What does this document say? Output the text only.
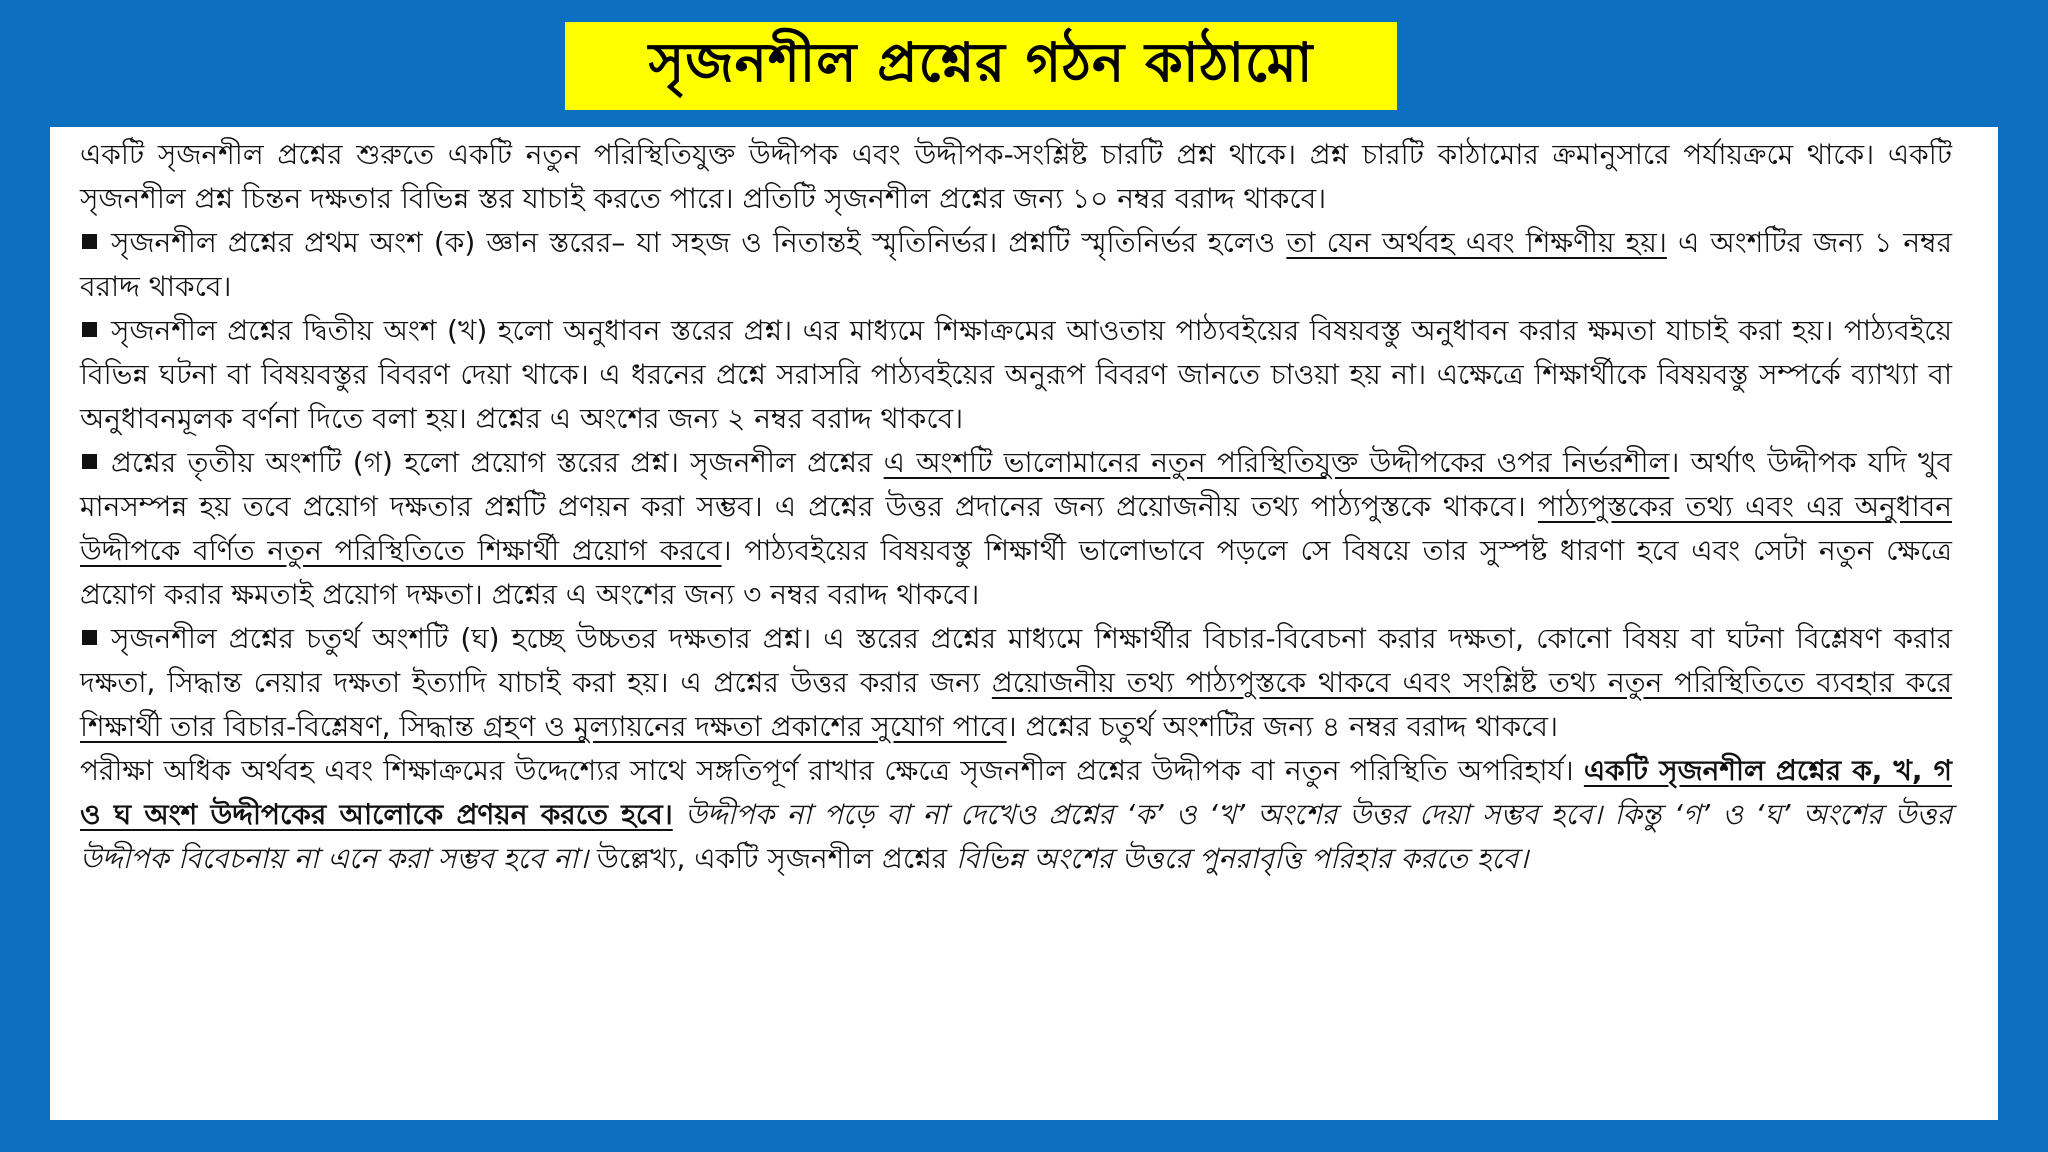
সৃজনশীল প্রশ্নের গঠন কাঠামো

একটি সৃজনশীল প্রশ্নের শুরুতে একটি নতুন পরিস্থিতিযুক্ত উদ্দীপক এবং উদ্দীপক-সংশ্লিষ্ট চারটি প্রশ্ন থাকে। প্রশ্ন চারটি কাঠামোর ক্রমানুসারে পর্যায়ক্রমে থাকে। একটি সৃজনশীল প্রশ্ন চিন্তন দক্ষতার বিভিন্ন স্তর যাচাই করতে পারে। প্রতিটি সৃজনশীল প্রশ্নের জন্য ১০ নম্বর বরাদ্দ থাকবে।

সৃজনশীল প্রশ্নের প্রথম অংশ (ক) জ্ঞান স্তরের– যা সহজ ও নিতান্তই স্মৃতিনির্ভর। প্রশ্নটি স্মৃতিনির্ভর হলেও তা যেন অর্থবহ এবং শিক্ষণীয় হয়। এ অংশটির জন্য ১ নম্বর বরাদ্দ থাকবে।

সৃজনশীল প্রশ্নের দ্বিতীয় অংশ (খ) হলো অনুধাবন স্তরের প্রশ্ন। এর মাধ্যমে শিক্ষাক্রমের আওতায় পাঠ্যবইয়ের বিষয়বস্তু অনুধাবন করার ক্ষমতা যাচাই করা হয়। পাঠ্যবইয়ে বিভিন্ন ঘটনা বা বিষয়বস্তুর বিবরণ দেয়া থাকে। এ ধরনের প্রশ্নে সরাসরি পাঠ্যবইয়ের অনুরূপ বিবরণ জানতে চাওয়া হয় না। এক্ষেত্রে শিক্ষার্থীকে বিষয়বস্তু সম্পর্কে ব্যাখ্যা বা অনুধাবনমূলক বর্ণনা দিতে বলা হয়। প্রশ্নের এ অংশের জন্য ২ নম্বর বরাদ্দ থাকবে।

প্রশ্নের তৃতীয় অংশটি (গ) হলো প্রয়োগ স্তরের প্রশ্ন। সৃজনশীল প্রশ্নের এ অংশটি ভালোমানের নতুন পরিস্থিতিযুক্ত উদ্দীপকের ওপর নির্ভরশীল। অর্থাৎ উদ্দীপক যদি খুব মানসম্পন্ন হয় তবে প্রয়োগ দক্ষতার প্রশ্নটি প্রণয়ন করা সম্ভব। এ প্রশ্নের উত্তর প্রদানের জন্য প্রয়োজনীয় তথ্য পাঠ্যপুস্তকে থাকবে। পাঠ্যপুস্তকের তথ্য এবং এর অনুধাবন উদ্দীপকে বর্ণিত নতুন পরিস্থিতিতে শিক্ষার্থী প্রয়োগ করবে। পাঠ্যবইয়ের বিষয়বস্তু শিক্ষার্থী ভালোভাবে পড়লে সে বিষয়ে তার সুস্পষ্ট ধারণা হবে এবং সেটা নতুন ক্ষেত্রে প্রয়োগ করার ক্ষমতাই প্রয়োগ দক্ষতা। প্রশ্নের এ অংশের জন্য ৩ নম্বর বরাদ্দ থাকবে।

সৃজনশীল প্রশ্নের চতুর্থ অংশটি (ঘ) হচ্ছে উচ্চতর দক্ষতার প্রশ্ন। এ স্তরের প্রশ্নের মাধ্যমে শিক্ষার্থীর বিচার-বিবেচনা করার দক্ষতা, কোনো বিষয় বা ঘটনা বিশ্লেষণ করার দক্ষতা, সিদ্ধান্ত নেয়ার দক্ষতা ইত্যাদি যাচাই করা হয়। এ প্রশ্নের উত্তর করার জন্য প্রয়োজনীয় তথ্য পাঠ্যপুস্তকে থাকবে এবং সংশ্লিষ্ট তথ্য নতুন পরিস্থিতিতে ব্যবহার করে শিক্ষার্থী তার বিচার-বিশ্লেষণ, সিদ্ধান্ত গ্রহণ ও মুল্যায়নের দক্ষতা প্রকাশের সুযোগ পাবে। প্রশ্নের চতুর্থ অংশটির জন্য ৪ নম্বর বরাদ্দ থাকবে।

পরীক্ষা অধিক অর্থবহ এবং শিক্ষাক্রমের উদ্দেশ্যের সাথে সঙ্গতিপূর্ণ রাখার ক্ষেত্রে সৃজনশীল প্রশ্নের উদ্দীপক বা নতুন পরিস্থিতি অপরিহার্য। একটি সৃজনশীল প্রশ্নের ক, খ, গ ও ঘ অংশ উদ্দীপকের আলোকে প্রণয়ন করতে হবে। উদ্দীপক না পড়ে বা না দেখেও প্রশ্নের ‘ক’ ও ‘খ’ অংশের উত্তর দেয়া সম্ভব হবে। কিন্তু ‘গ’ ও ‘ঘ’ অংশের উত্তর উদ্দীপক বিবেচনায় না এনে করা সম্ভব হবে না। উল্লেখ্য, একটি সৃজনশীল প্রশ্নের বিভিন্ন অংশের উত্তরে পুনরাবৃত্তি পরিহার করতে হবে।
